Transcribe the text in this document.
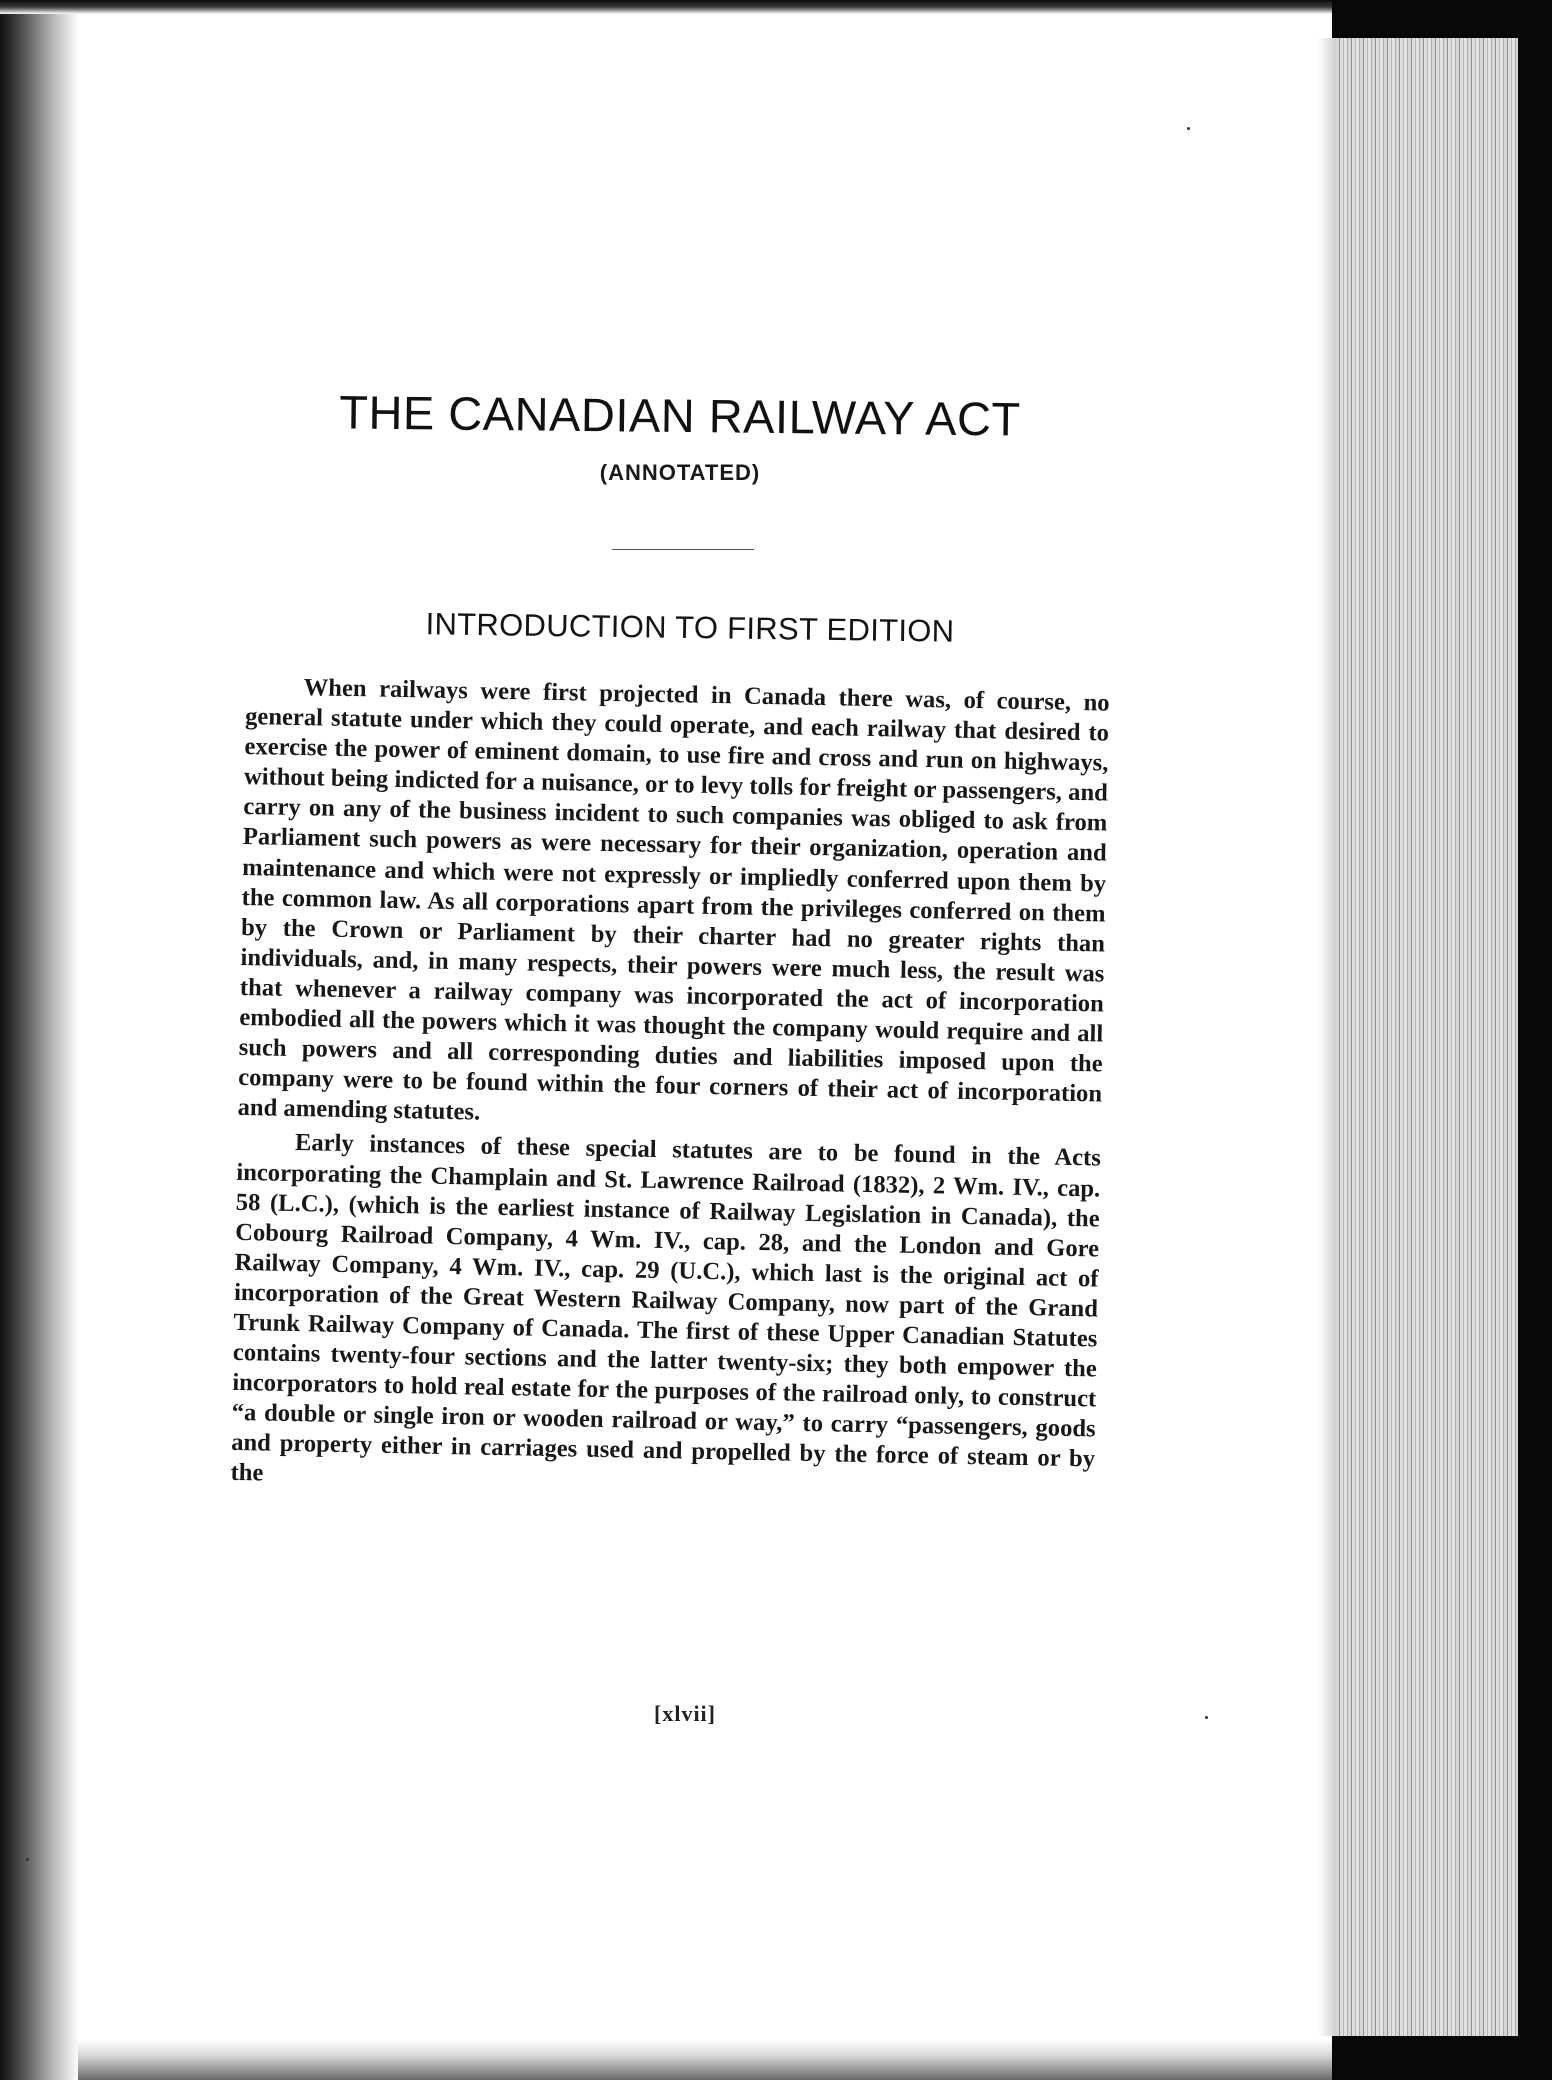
THE CANADIAN RAILWAY ACT
(ANNOTATED)
INTRODUCTION TO FIRST EDITION

When railways were first projected in Canada there was, of course, no general statute under which they could operate, and each railway that desired to exercise the power of eminent domain, to use fire and cross and run on highways, without being indicted for a nuisance, or to levy tolls for freight or passengers, and carry on any of the business incident to such companies was obliged to ask from Parliament such powers as were necessary for their organization, operation and maintenance and which were not expressly or impliedly conferred upon them by the common law. As all corporations apart from the privileges conferred on them by the Crown or Parliament by their charter had no greater rights than individuals, and, in many respects, their powers were much less, the result was that whenever a railway company was incorporated the act of incorporation embodied all the powers which it was thought the company would require and all such powers and all corresponding duties and liabilities imposed upon the company were to be found within the four corners of their act of incorporation and amending statutes.

Early instances of these special statutes are to be found in the Acts incorporating the Champlain and St. Lawrence Railroad (1832), 2 Wm. IV., cap. 58 (L.C.), (which is the earliest instance of Railway Legislation in Canada), the Cobourg Railroad Company, 4 Wm. IV., cap. 28, and the London and Gore Railway Company, 4 Wm. IV., cap. 29 (U.C.), which last is the original act of incorporation of the Great Western Railway Company, now part of the Grand Trunk Railway Company of Canada. The first of these Upper Canadian Statutes contains twenty-four sections and the latter twenty-six; they both empower the incorporators to hold real estate for the purposes of the railroad only, to construct “a double or single iron or wooden railroad or way,” to carry “passengers, goods and property either in carriages used and propelled by the force of steam or by the

[xlvii]
